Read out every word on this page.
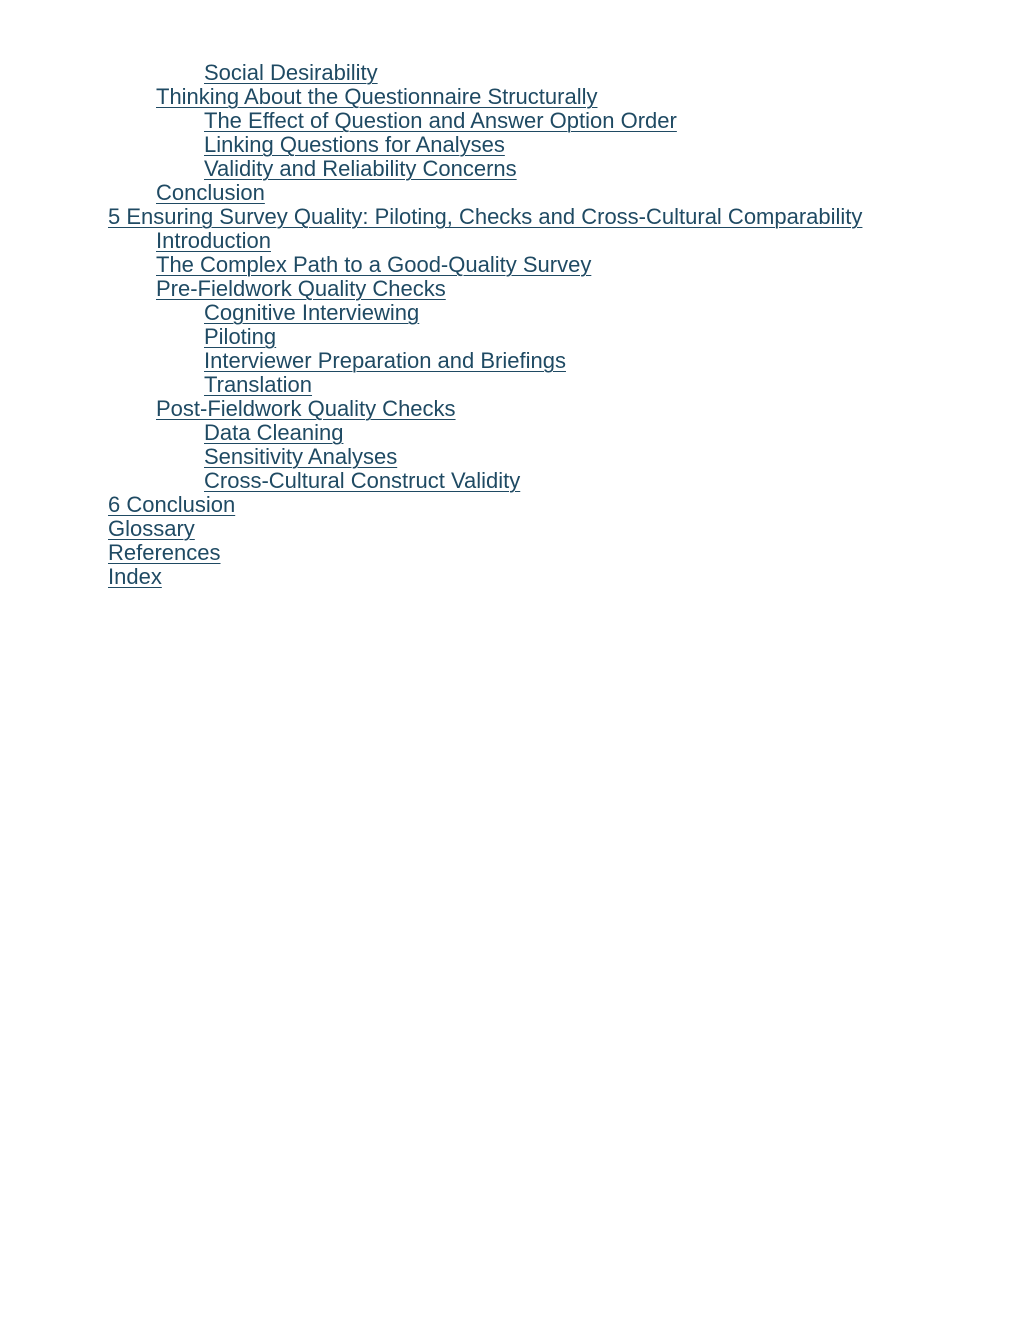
Social Desirability
Thinking About the Questionnaire Structurally
The Effect of Question and Answer Option Order
Linking Questions for Analyses
Validity and Reliability Concerns
Conclusion
5 Ensuring Survey Quality: Piloting, Checks and Cross-Cultural Comparability
Introduction
The Complex Path to a Good-Quality Survey
Pre-Fieldwork Quality Checks
Cognitive Interviewing
Piloting
Interviewer Preparation and Briefings
Translation
Post-Fieldwork Quality Checks
Data Cleaning
Sensitivity Analyses
Cross-Cultural Construct Validity
6 Conclusion
Glossary
References
Index
